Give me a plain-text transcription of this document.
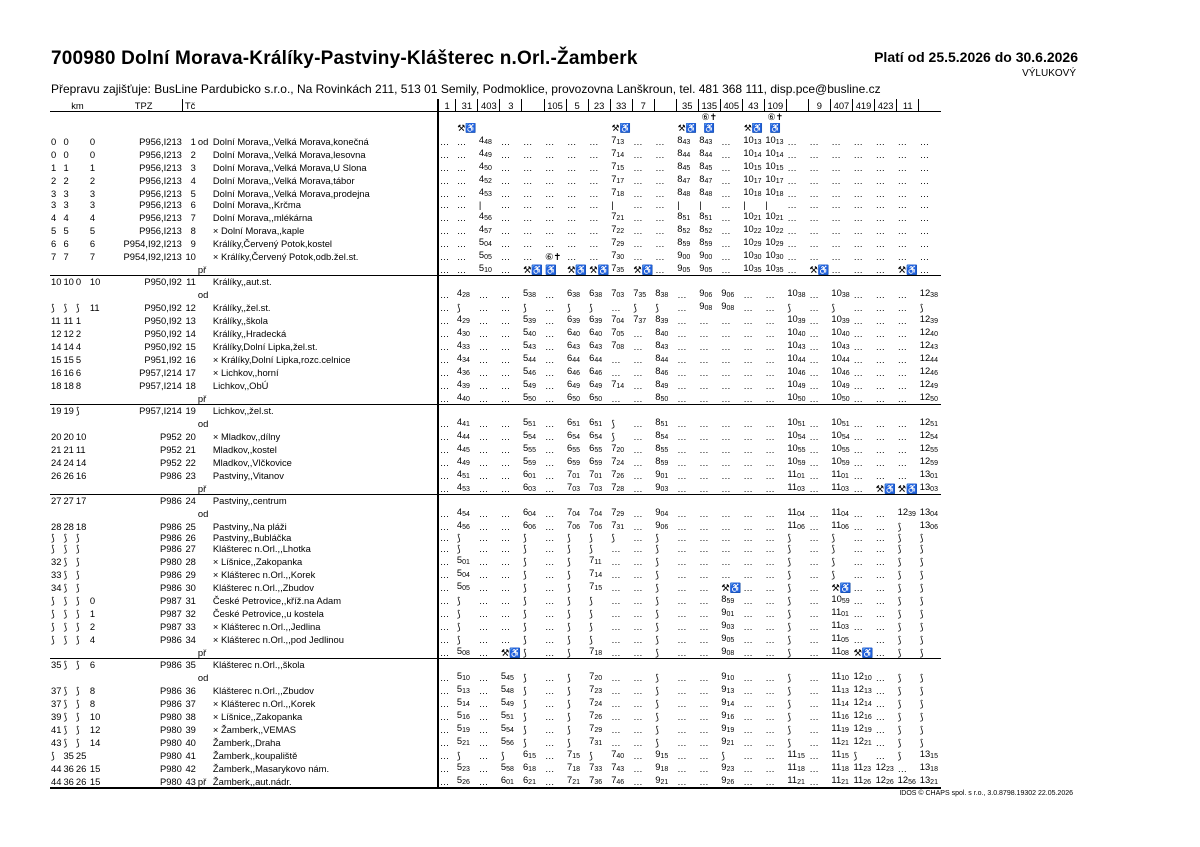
700980 Dolní Morava-Králíky-Pastviny-Klášterec n.Orl.-Žamberk	Platí od 25.5.2026 do 30.6.2026
VÝLUKOVÝ
Přepravu zajišťuje: BusLine Pardubicko s.r.o., Na Rovinkách 211, 513 01 Semily, Podmoklice, provozovna Lanškroun, tel. 481 368 111, disp.pce@busline.cz
km				TPZ	Tč			1	31	403	3		105	5	23	33	7		35	135	405	43	109		9	407	419	423	11	
																				⑥✝			⑥✝							
									⚒♿							⚒♿			⚒♿	♿		⚒♿	♿							
0	0		0	P956,I213	1	od	Dolní Morava,,Velká Morava,konečná	…	…	$4_{48}$	…	…	…	…	…	$7_{13}$	…	…	$8_{43}$	$8_{43}$	…	$10_{13}$	$10_{13}$	…	…	…	…	…	…	…
0	0		0	P956,I213	2		Dolní Morava,,Velká Morava,lesovna	…	…	$4_{49}$	…	…	…	…	…	$7_{14}$	…	…	$8_{44}$	$8_{44}$	…	$10_{14}$	$10_{14}$	…	…	…	…	…	…	…
1	1		1	P956,I213	3		Dolní Morava,,Velká Morava,U Slona	…	…	$4_{50}$	…	…	…	…	…	$7_{15}$	…	…	$8_{45}$	$8_{45}$	…	$10_{15}$	$10_{15}$	…	…	…	…	…	…	…
2	2		2	P956,I213	4		Dolní Morava,,Velká Morava,tábor	…	…	$4_{52}$	…	…	…	…	…	$7_{17}$	…	…	$8_{47}$	$8_{47}$	…	$10_{17}$	$10_{17}$	…	…	…	…	…	…	…
3	3		3	P956,I213	5		Dolní Morava,,Velká Morava,prodejna	…	…	$4_{53}$	…	…	…	…	…	$7_{18}$	…	…	$8_{48}$	$8_{48}$	…	$10_{18}$	$10_{18}$	…	…	…	…	…	…	…
3	3		3	P956,I213	6		Dolní Morava,,Krčma	…	…	|	…	…	…	…	…	|	…	…	|	|	…	|	|	…	…	…	…	…	…	…
4	4		4	P956,I213	7		Dolní Morava,,mlékárna	…	…	$4_{56}$	…	…	…	…	…	$7_{21}$	…	…	$8_{51}$	$8_{51}$	…	$10_{21}$	$10_{21}$	…	…	…	…	…	…	…
5	5		5	P956,I213	8		× Dolní Morava,,kaple	…	…	$4_{57}$	…	…	…	…	…	$7_{22}$	…	…	$8_{52}$	$8_{52}$	…	$10_{22}$	$10_{22}$	…	…	…	…	…	…	…
6	6		6	P954,I92,I213	9		Králíky,Červený Potok,kostel	…	…	$5_{04}$	…	…	…	…	…	$7_{29}$	…	…	$8_{59}$	$8_{59}$	…	$10_{29}$	$10_{29}$	…	…	…	…	…	…	…
7	7		7	P954,I92,I213	10		× Králíky,Červený Potok,odb.žel.st.	…	…	$5_{05}$	…	…	⑥✝	…	…	$7_{30}$	…	…	$9_{00}$	$9_{00}$	…	$10_{30}$	$10_{30}$	…	…	…	…	…	…	…
						př		…	…	$5_{10}$	…	⚒♿	♿	⚒♿	⚒♿	$7_{35}$	⚒♿	…	$9_{05}$	$9_{05}$	…	$10_{35}$	$10_{35}$	…	⚒♿	…	…	…	⚒♿	…
10	10	0	10	P950,I92	11		Králíky,,aut.st.																							
						od		…	$4_{28}$	…	…	$5_{38}$	…	$6_{38}$	$6_{38}$	$7_{03}$	$7_{35}$	$8_{38}$	…	$9_{06}$	$9_{06}$	…	…	$10_{38}$	…	$10_{38}$	…	…	…	$12_{38}$
⟆	⟆	⟆	11	P950,I92	12		Králíky,,žel.st.	…	⟆	…	…	⟆	…	⟆	⟆	…	⟆	⟆	…	$9_{08}$	$9_{08}$	…	…	⟆	…	⟆	…	…	…	⟆
11	11	1		P950,I92	13		Králíky,,škola	…	$4_{29}$	…	…	$5_{39}$	…	$6_{39}$	$6_{39}$	$7_{04}$	$7_{37}$	$8_{39}$	…	…	…	…	…	$10_{39}$	…	$10_{39}$	…	…	…	$12_{39}$
12	12	2		P950,I92	14		Králíky,,Hradecká	…	$4_{30}$	…	…	$5_{40}$	…	$6_{40}$	$6_{40}$	$7_{05}$	…	$8_{40}$	…	…	…	…	…	$10_{40}$	…	$10_{40}$	…	…	…	$12_{40}$
14	14	4		P950,I92	15		Králíky,Dolní Lipka,žel.st.	…	$4_{33}$	…	…	$5_{43}$	…	$6_{43}$	$6_{43}$	$7_{08}$	…	$8_{43}$	…	…	…	…	…	$10_{43}$	…	$10_{43}$	…	…	…	$12_{43}$
15	15	5		P951,I92	16		× Králíky,Dolní Lipka,rozc.celnice	…	$4_{34}$	…	…	$5_{44}$	…	$6_{44}$	$6_{44}$	…	…	$8_{44}$	…	…	…	…	…	$10_{44}$	…	$10_{44}$	…	…	…	$12_{44}$
16	16	6		P957,I214	17		× Lichkov,,horní	…	$4_{36}$	…	…	$5_{46}$	…	$6_{46}$	$6_{46}$	…	…	$8_{46}$	…	…	…	…	…	$10_{46}$	…	$10_{46}$	…	…	…	$12_{46}$
18	18	8		P957,I214	18		Lichkov,,ObÚ	…	$4_{39}$	…	…	$5_{49}$	…	$6_{49}$	$6_{49}$	$7_{14}$	…	$8_{49}$	…	…	…	…	…	$10_{49}$	…	$10_{49}$	…	…	…	$12_{49}$
						př		…	$4_{40}$	…	…	$5_{50}$	…	$6_{50}$	$6_{50}$	…	…	$8_{50}$	…	…	…	…	…	$10_{50}$	…	$10_{50}$	…	…	…	$12_{50}$
19	19	⟆		P957,I214	19		Lichkov,,žel.st.																							
						od		…	$4_{41}$	…	…	$5_{51}$	…	$6_{51}$	$6_{51}$	⟆	…	$8_{51}$	…	…	…	…	…	$10_{51}$	…	$10_{51}$	…	…	…	$12_{51}$
20	20	10		P952	20		× Mladkov,,dílny	…	$4_{44}$	…	…	$5_{54}$	…	$6_{54}$	$6_{54}$	⟆	…	$8_{54}$	…	…	…	…	…	$10_{54}$	…	$10_{54}$	…	…	…	$12_{54}$
21	21	11		P952	21		Mladkov,,kostel	…	$4_{45}$	…	…	$5_{55}$	…	$6_{55}$	$6_{55}$	$7_{20}$	…	$8_{55}$	…	…	…	…	…	$10_{55}$	…	$10_{55}$	…	…	…	$12_{55}$
24	24	14		P952	22		Mladkov,,Vlčkovice	…	$4_{49}$	…	…	$5_{59}$	…	$6_{59}$	$6_{59}$	$7_{24}$	…	$8_{59}$	…	…	…	…	…	$10_{59}$	…	$10_{59}$	…	…	…	$12_{59}$
26	26	16		P986	23		Pastviny,,Vitanov	…	$4_{51}$	…	…	$6_{01}$	…	$7_{01}$	$7_{01}$	$7_{26}$	…	$9_{01}$	…	…	…	…	…	$11_{01}$	…	$11_{01}$	…	…	…	$13_{01}$
						př		…	$4_{53}$	…	…	$6_{03}$	…	$7_{03}$	$7_{03}$	$7_{28}$	…	$9_{03}$	…	…	…	…	…	$11_{03}$	…	$11_{03}$	…	⚒♿	⚒♿	$13_{03}$
27	27	17		P986	24		Pastviny,,centrum																							
						od		…	$4_{54}$	…	…	$6_{04}$	…	$7_{04}$	$7_{04}$	$7_{29}$	…	$9_{04}$	…	…	…	…	…	$11_{04}$	…	$11_{04}$	…	…	$12_{39}$	$13_{04}$
28	28	18		P986	25		Pastviny,,Na pláži	…	$4_{56}$	…	…	$6_{06}$	…	$7_{06}$	$7_{06}$	$7_{31}$	…	$9_{06}$	…	…	…	…	…	$11_{06}$	…	$11_{06}$	…	…	⟆	$13_{06}$
⟆	⟆	⟆		P986	26		Pastviny,,Bubláčka	…	⟆	…	…	⟆	…	⟆	⟆	⟆	…	⟆	…	…	…	…	…	⟆	…	⟆	…	…	⟆	⟆
⟆	⟆	⟆		P986	27		Klášterec n.Orl.,,Lhotka	…	⟆	…	…	⟆	…	⟆	⟆	…	…	⟆	…	…	…	…	…	⟆	…	⟆	…	…	⟆	⟆
32	⟆	⟆		P980	28		× Líšnice,,Zakopanka	…	$5_{01}$	…	…	⟆	…	⟆	$7_{11}$	…	…	⟆	…	…	…	…	…	⟆	…	⟆	…	…	⟆	⟆
33	⟆	⟆		P986	29		× Klášterec n.Orl.,,Korek	…	$5_{04}$	…	…	⟆	…	⟆	$7_{14}$	…	…	⟆	…	…	…	…	…	⟆	…	⟆	…	…	⟆	⟆
34	⟆	⟆		P986	30		Klášterec n.Orl.,,Zbudov	…	$5_{05}$	…	…	⟆	…	⟆	$7_{15}$	…	…	⟆	…	…	⚒♿	…	…	⟆	…	⚒♿	…	…	⟆	⟆
⟆	⟆	⟆	0	P987	31		České Petrovice,,kříž.na Adam	…	⟆	…	…	⟆	…	⟆	⟆	…	…	⟆	…	…	$8_{59}$	…	…	⟆	…	$10_{59}$	…	…	⟆	⟆
⟆	⟆	⟆	1	P987	32		České Petrovice,,u kostela	…	⟆	…	…	⟆	…	⟆	⟆	…	…	⟆	…	…	$9_{01}$	…	…	⟆	…	$11_{01}$	…	…	⟆	⟆
⟆	⟆	⟆	2	P987	33		× Klášterec n.Orl.,,Jedlina	…	⟆	…	…	⟆	…	⟆	⟆	…	…	⟆	…	…	$9_{03}$	…	…	⟆	…	$11_{03}$	…	…	⟆	⟆
⟆	⟆	⟆	4	P986	34		× Klášterec n.Orl.,,pod Jedlinou	…	⟆	…	…	⟆	…	⟆	⟆	…	…	⟆	…	…	$9_{05}$	…	…	⟆	…	$11_{05}$	…	…	⟆	⟆
						př		…	$5_{08}$	…	⚒♿	⟆	…	⟆	$7_{18}$	…	…	⟆	…	…	$9_{08}$	…	…	⟆	…	$11_{08}$	⚒♿	…	⟆	⟆
35	⟆	⟆	6	P986	35		Klášterec n.Orl.,,škola																							
						od		…	$5_{10}$	…	$5_{45}$	⟆	…	⟆	$7_{20}$	…	…	⟆	…	…	$9_{10}$	…	…	⟆	…	$11_{10}$	$12_{10}$	…	⟆	⟆
37	⟆	⟆	8	P986	36		Klášterec n.Orl.,,Zbudov	…	$5_{13}$	…	$5_{48}$	⟆	…	⟆	$7_{23}$	…	…	⟆	…	…	$9_{13}$	…	…	⟆	…	$11_{13}$	$12_{13}$	…	⟆	⟆
37	⟆	⟆	8	P986	37		× Klášterec n.Orl.,,Korek	…	$5_{14}$	…	$5_{49}$	⟆	…	⟆	$7_{24}$	…	…	⟆	…	…	$9_{14}$	…	…	⟆	…	$11_{14}$	$12_{14}$	…	⟆	⟆
39	⟆	⟆	10	P980	38		× Líšnice,,Zakopanka	…	$5_{16}$	…	$5_{51}$	⟆	…	⟆	$7_{26}$	…	…	⟆	…	…	$9_{16}$	…	…	⟆	…	$11_{16}$	$12_{16}$	…	⟆	⟆
41	⟆	⟆	12	P980	39		× Žamberk,,VEMAS	…	$5_{19}$	…	$5_{54}$	⟆	…	⟆	$7_{29}$	…	…	⟆	…	…	$9_{19}$	…	…	⟆	…	$11_{19}$	$12_{19}$	…	⟆	⟆
43	⟆	⟆	14	P980	40		Žamberk,,Draha	…	$5_{21}$	…	$5_{56}$	⟆	…	⟆	$7_{31}$	…	…	⟆	…	…	$9_{21}$	…	…	⟆	…	$11_{21}$	$12_{21}$	…	⟆	⟆
⟆	35	25		P980	41		Žamberk,,koupaliště	…	⟆	…	⟆	$6_{15}$	…	$7_{15}$	⟆	$7_{40}$	…	$9_{15}$	…	…	⟆	…	…	$11_{15}$	…	$11_{15}$	⟆	…	⟆	$13_{15}$
44	36	26	15	P980	42		Žamberk,,Masarykovo nám.	…	$5_{23}$	…	$5_{58}$	$6_{18}$	…	$7_{18}$	$7_{33}$	$7_{43}$	…	$9_{18}$	…	…	$9_{23}$	…	…	$11_{18}$	…	$11_{18}$	$11_{23}$	$12_{23}$	…	$13_{18}$
44	36	26	15	P980	43	př	Žamberk,,aut.nádr.	…	$5_{26}$	…	$6_{01}$	$6_{21}$	…	$7_{21}$	$7_{36}$	$7_{46}$	…	$9_{21}$	…	…	$9_{26}$	…	…	$11_{21}$	…	$11_{21}$	$11_{26}$	$12_{26}$	$12_{56}$	$13_{21}$
IDOS © CHAPS spol. s r.o., 3.0.8798.19302 22.05.2026
